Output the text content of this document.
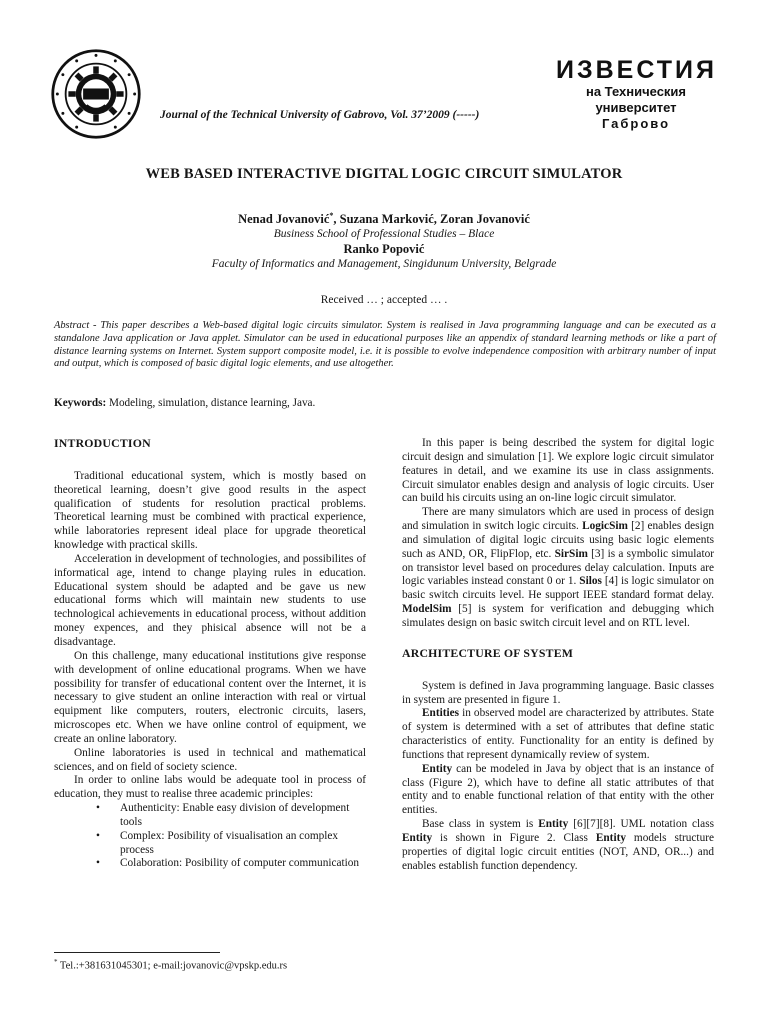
Journal of the Technical University of Gabrovo, Vol. 37’2009 (-----)
ИЗВЕСТИЯ
на Техническия университет
Габрово
WEB BASED INTERACTIVE DIGITAL LOGIC CIRCUIT SIMULATOR
Nenad Jovanović*, Suzana Marković, Zoran Jovanović
Business School of Professional Studies – Blace
Ranko Popović
Faculty of Informatics and Management, Singidunum University, Belgrade
Received … ; accepted … .
Abstract - This paper describes a Web-based digital logic circuits simulator. System is realised in Java programming language and can be executed as a standalone Java application or Java applet. Simulator can be used in educational purposes like an appendix of standard learning methods or like a part of distance learning systems on Internet. System support composite model, i.e. it is possible to evolve independence composition with arbitrary number of input and output, which is composed of basic digital logic elements, and use altogether.
Keywords: Modeling, simulation, distance learning, Java.
INTRODUCTION

Traditional educational system, which is mostly based on theoretical learning, doesn’t give good results in the aspect qualification of students for resolution practical problems. Theoretical learning must be combined with practical experience, while laboratories represent ideal place for upgrade theoretical knowledge with practical skills.

Acceleration in development of technologies, and possibilites of informatical age, intend to change playing rules in education. Educational system should be adapted and be gave us new educational forms which will maintain new students to use technological achievements in educational process, without addition money expences, and they phisical absence will not be a disadvantage.

On this challenge, many educational institutions give response with development of online educational programs. When we have possibility for transfer of educational content over the Internet, it is necessary to give student an online interaction with real or virtual equipment like computers, routers, electronic circuits, lasers, microscopes etc. When we have online control of equipment, we create an online laboratory.

Online laboratories is used in technical and mathematical sciences, and on field of society science.

In order to online labs would be adequate tool in process of education, they must to realise three academic principles:

• Authenticity: Enable easy division of development tools
• Complex: Posibility of visualisation an complex process
• Colaboration: Posibility of computer communication

In this paper is being described the system for digital logic circuit design and simulation [1]. We explore logic circuit simulator features in detail, and we examine its use in class assignments. Circuit simulator enables design and analysis of logic circuits. User can build his circuits using an on-line logic circuit simulator.

There are many simulators which are used in process of design and simulation in switch logic circuits. LogicSim [2] enables design and simulation of digital logic circuits using basic logic elements such as AND, OR, FlipFlop, etc. SirSim [3] is a symbolic simulator on transistor level based on procedures delay calculation. Inputs are logic variables instead constant 0 or 1. Silos [4] is logic simulator on basic switch circuits level. He support IEEE standard format delay. ModelSim [5] is system for verification and debugging which simulates design on basic switch circuit level and on RTL level.

ARCHITECTURE OF SYSTEM

System is defined in Java programming language. Basic classes in system are presented in figure 1.

Entities in observed model are characterized by attributes. State of system is determined with a set of attributes that define static characteristics of entity. Functionality for an entity is defined by functions that represent dynamically review of system.

Entity can be modeled in Java by object that is an instance of class (Figure 2), which have to define all static attributes of that entity and to enable functional relation of that entity with the other entities.

Base class in system is Entity [6][7][8]. UML notation class Entity is shown in Figure 2. Class Entity models structure properties of digital logic circuit entities (NOT, AND, OR...) and enables establish function dependency.

* Tel.:+381631045301; e-mail:jovanovic@vpskp.edu.rs
